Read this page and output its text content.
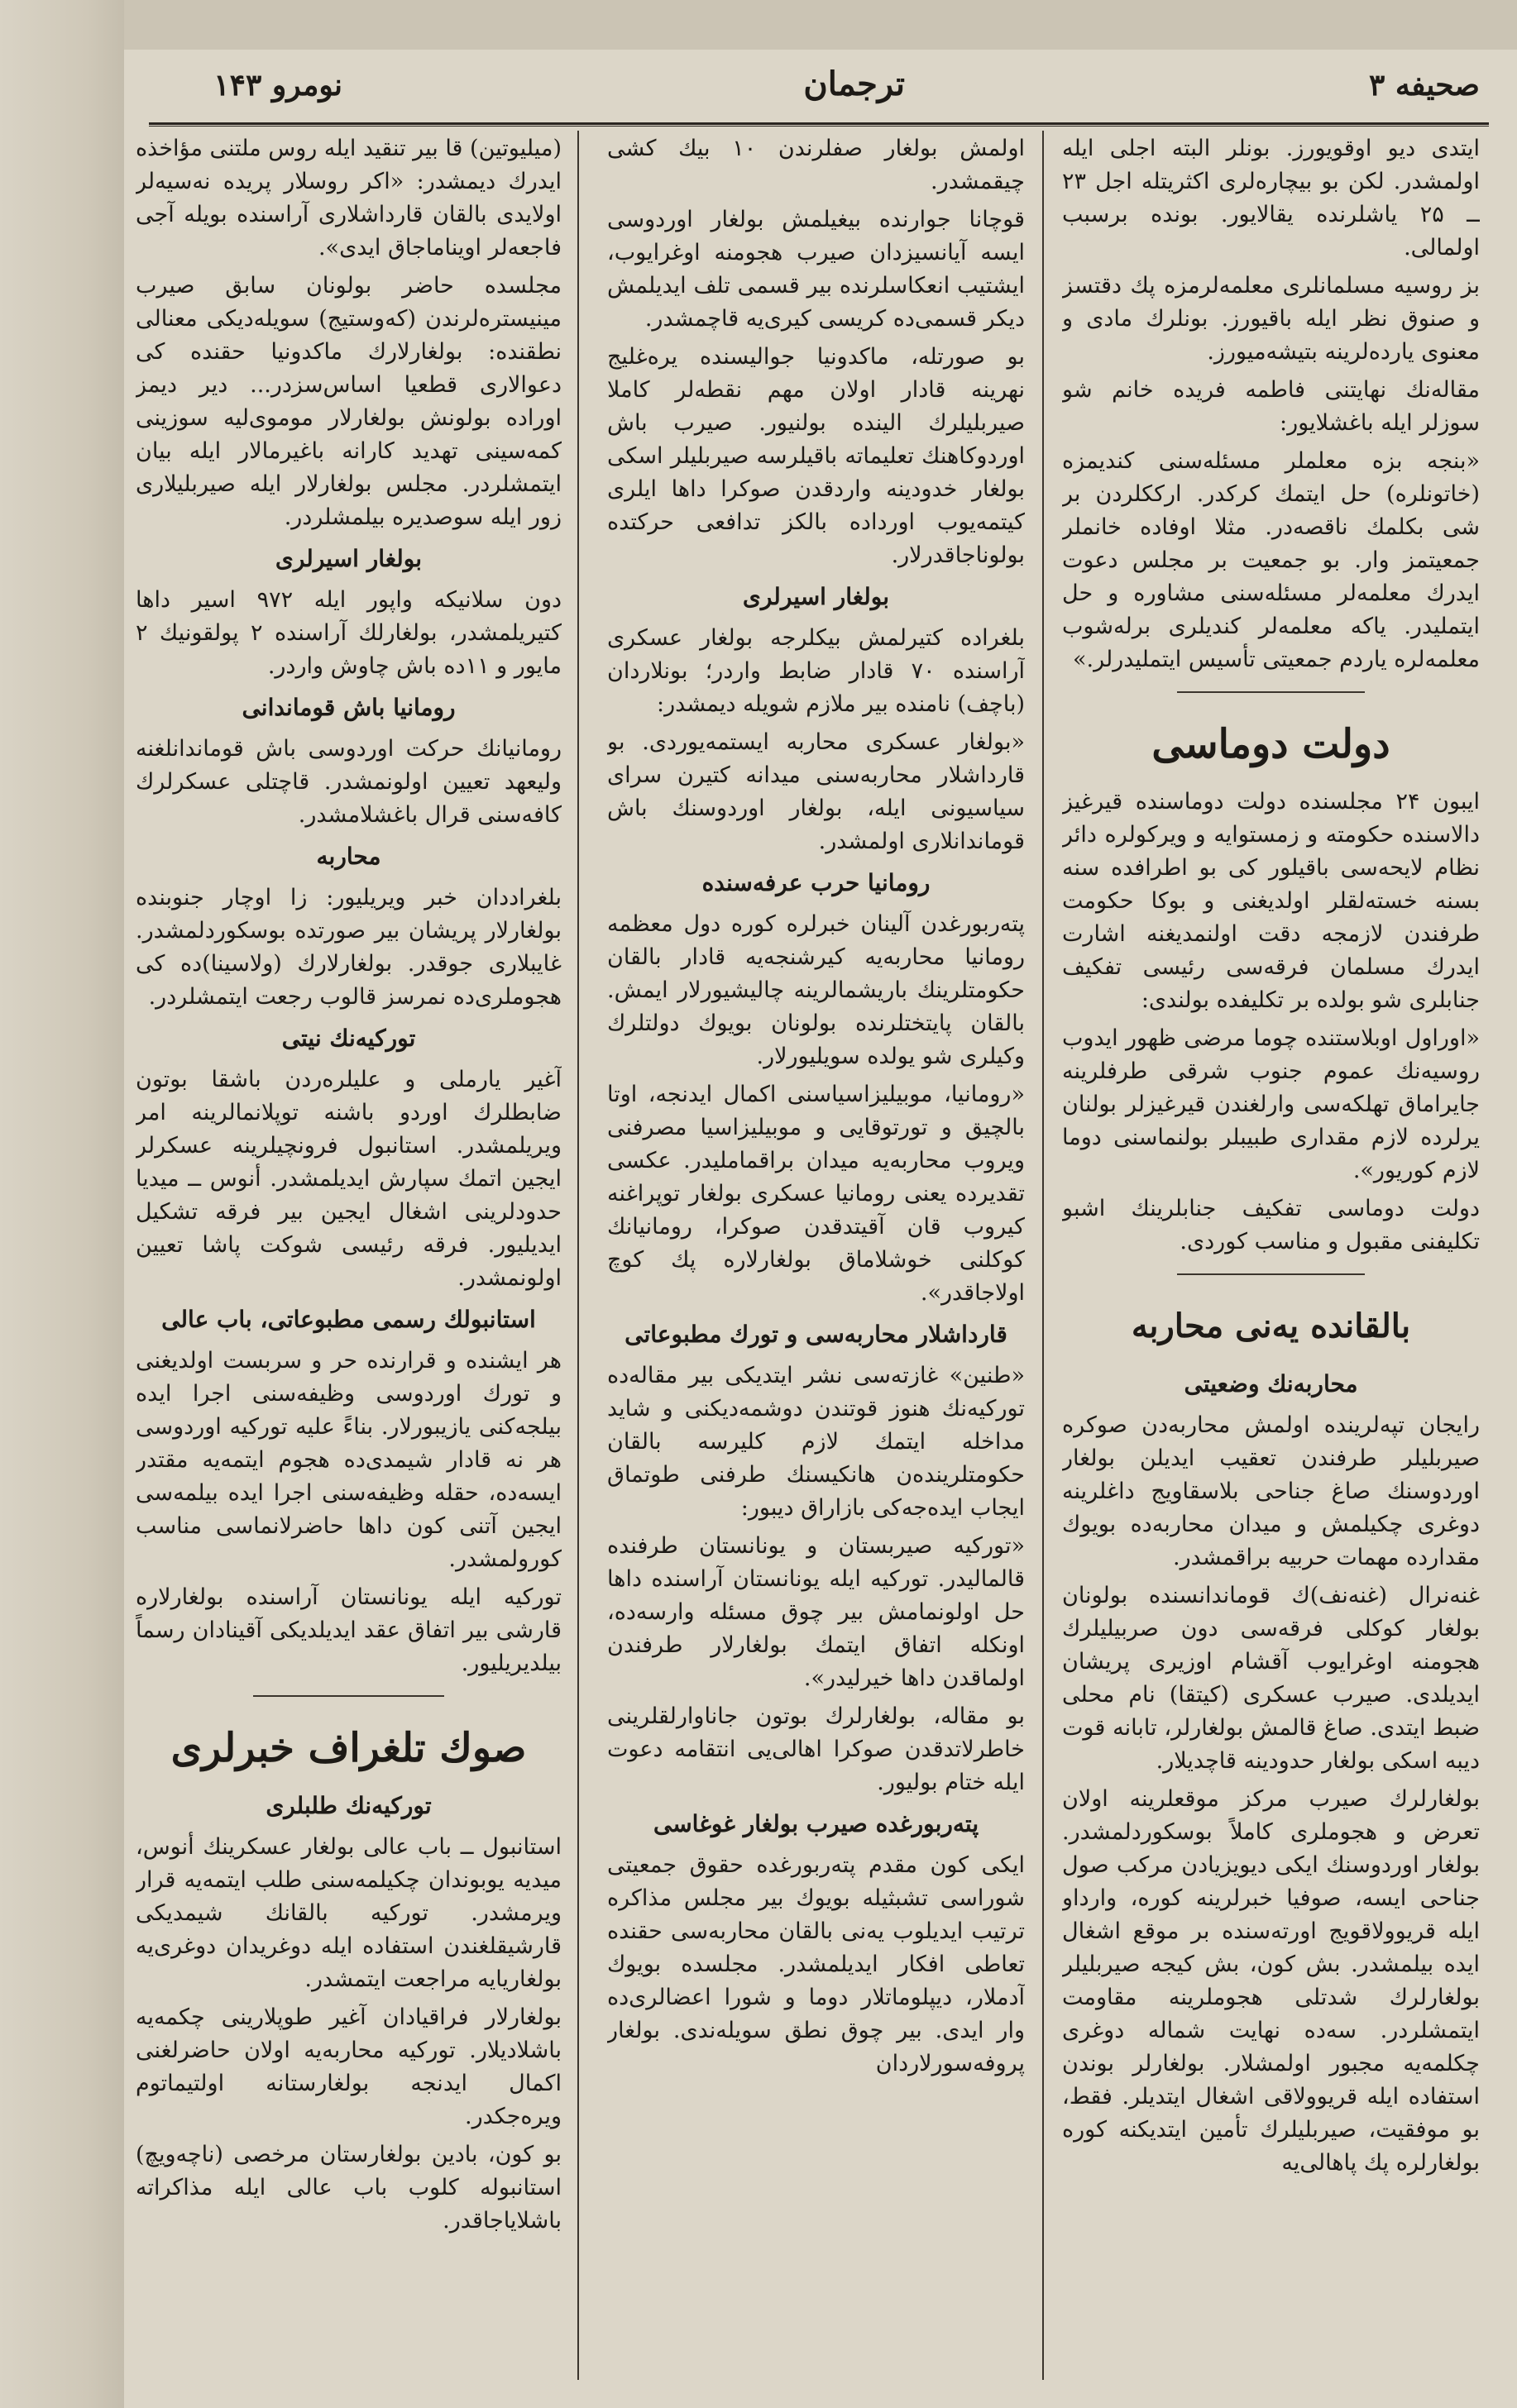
صحیفه ۳
ترجمان
نومرو ۱۴۳
ایتدی دیو اوقویورز. بونلر البته اجلی ایله اولمشدر. لکن بو بیچاره‌لری اکثریتله اجل ۲۳ ــ ۲۵ یاشلرنده یقالایور. بونده برسبب اولمالی.
بز روسیه مسلمانلری معلمه‌لرمزه پك دقتسز و صنوق نظر ایله باقیورز. بونلرك مادی و معنوی یارده‌لرینه بتیشه‌میورز.
مقاله‌نك نهایتنی فاطمه فریده خانم شو سوزلر ایله باغشلایور:
«بنجه بزه معلملر مسئله‌سنی کندیمزه (خاتونلره) حل ایتمك کرکدر. ارککلردن بر شی بکلمك ناقصه‌در. مثلا اوفاده خانملر جمعیتمز وار. بو جمعیت بر مجلس دعوت ایدرك معلمه‌لر مسئله‌سنی مشاوره و حل ایتملیدر. یاکه معلمه‌لر کندیلری برله‌شوب معلمه‌لره یاردم جمعیتی تأسیس ایتملیدرلر.»
دولت دوماسی
ایبون ۲۴ مجلسنده دولت دوماسنده قیرغیز دالاسنده حکومته و زمستوایه و ویرکولره دائر نظام لایحه‌سی باقیلور کی بو اطرافده سنه بسنه خسته‌لقلر اولدیغنی و بوکا حکومت طرفندن لازمجه دقت اولنمدیغنه اشارت ایدرك مسلمان فرقه‌سی رئیسی تفکیف جنابلری شو بولده بر تکلیفده بولندی:
«اوراول اوبلاستنده چوما مرضی ظهور ایدوب روسیه‌نك عموم جنوب شرقی طرفلرینه جایراماق تهلکه‌سی وارلغندن قیرغیزلر بولنان یرلرده لازم مقداری طبیبلر بولنماسنی دوما لازم کوریور».
دولت دوماسی تفکیف جنابلرینك اشبو تکلیفنی مقبول و مناسب کوردی.
بالقانده یه‌نی محاربه
محاربه‌نك وضعیتی
رایجان تپه‌لرینده اولمش محاربه‌دن صوکره صیربلیلر طرفندن تعقیب ایدیلن بولغار اوردوسنك صاغ جناحی بلاسقاویج داغلرینه دوغری چکیلمش و میدان محاربه‌ده بویوك مقدارده مهمات حربیه براقمشدر.
غنه‌نرال (غنه‌نف)ك قوماندانسنده بولونان بولغار کوکلی فرقه‌سی دون صربیلیلرك هجومنه اوغرایوب آقشام اوزیری پریشان ایدیلدی. صیرب عسکری (کیتقا) نام محلی ضبط ایتدی. صاغ قالمش بولغارلر، تابانه قوت دیبه اسکی بولغار حدودینه قاچدیلار.
بولغارلرك صیرب مرکز موقعلرینه اولان تعرض و هجوملری کاملاً بوسکوردلمشدر. بولغار اوردوسنك ایکی دیویزیادن مرکب صول جناحی ایسه، صوفیا خبرلرینه کوره، وارداو ایله قریوولاقویج اورته‌سنده بر موقع اشغال ایده بیلمشدر. بش کون، بش کیجه صیربلیلر بولغارلرك شدتلی هجوملرینه مقاومت ایتمشلردر. سه‌ده نهایت شماله دوغری چکلمه‌یه مجبور اولمشلار. بولغارلر بوندن استفاده ایله قریوولاقی اشغال ایتدیلر. فقط، بو موفقیت، صیربلیلرك تأمین ایتدیکنه کوره بولغارلره پك پاهالی‌یه
اولمش بولغار صفلرندن ۱۰ بیك کشی چیقمشدر.
قوچانا جوارنده بیغیلمش بولغار اوردوسی ایسه آیانسیزدان صیرب هجومنه اوغرایوب، ایشتیب انعکاسلرنده بیر قسمی تلف ایدیلمش دیکر قسمی‌ده کریسی کیری‌یه قاچمشدر.
بو صورتله، ماکدونیا جوالیسنده یره‌غلیج نهرینه قادار اولان مهم نقطه‌لر کاملا صیربلیلرك الینده بولنیور. صیرب باش اوردوکاهنك تعلیماته باقیلرسه صیربلیلر اسکی بولغار خدودینه واردقدن صوکرا داها ایلری کیتمه‌یوب اورداده بالکز تدافعی حرکتده بولوناجاقدرلار.
بولغار اسیرلری
بلغراده کتیرلمش بیکلرجه بولغار عسکری آراسنده ۷۰ قادار ضابط واردر؛ بونلاردان (باچف) نامنده بیر ملازم شویله دیمشدر:
«بولغار عسکری محاربه ایستمه‌یوردی. بو قارداشلار محاربه‌سنی میدانه کتیرن سرای سیاسیونی ایله، بولغار اوردوسنك باش قوماندانلاری اولمشدر.
رومانیا حرب عرفه‌سنده
پته‌ربورغدن آلینان خبرلره کوره دول معظمه رومانیا محاربه‌یه کیرشنجه‌یه قادار بالقان حکومتلرینك باریشمالرینه چالیشیورلار ایمش. بالقان پایتختلرنده بولونان بویوك دولتلرك وکیلری شو یولده سویلیورلار.
«رومانیا، موبیلیزاسیاسنی اکمال ایدنجه، اوتا بالچیق و تورتوقایی و موبیلیزاسیا مصرفنی ویروب محاربه‌یه میدان براقماملیدر. عکسی تقدیرده یعنی رومانیا عسکری بولغار توپراغنه کیروب قان آقیتدقدن صوکرا، رومانیانك کوکلنی خوشلاماق بولغارلاره پك کوچ اولاجاقدر».
قارداشلار محاربه‌سی و تورك مطبوعاتی
«طنین» غازته‌سی نشر ایتدیکی بیر مقاله‌ده تورکیه‌نك هنوز قوتندن دوشمه‌دیکنی و شاید مداخله ایتمك لازم کلیرسه بالقان حکومتلرینده‌ن هانکیسنك طرفنی طوتماق ایجاب ایده‌جه‌کی بازاراق دیبور:
«تورکیه صیربستان و یونانستان طرفنده قالمالیدر. تورکیه ایله یونانستان آراسنده داها حل اولونمامش بیر چوق مسئله وارسه‌ده، اونکله اتفاق ایتمك بولغارلار طرفندن اولماقدن داها خیرلیدر».
بو مقاله، بولغارلرك بوتون جاناوارلقلرینی خاطرلاتدقدن صوکرا اهالی‌یی انتقامه دعوت ایله ختام بولیور.
پته‌ربورغده صیرب بولغار غوغاسی
ایکی کون مقدم پته‌ربورغده حقوق جمعیتی شوراسی تشبثیله بویوك بیر مجلس مذاکره ترتیب ایدیلوب یه‌نی بالقان محاربه‌سی حقنده تعاطی افکار ایدیلمشدر. مجلسده بویوك آدملار، دیپلوماتلار دوما و شورا اعضالری‌ده وار ایدی. بیر چوق نطق سویله‌ندی. بولغار پروفه‌سورلاردان
(میلیوتین) قا بیر تنقید ایله روس ملتنی مؤاخذه ایدرك دیمشدر: «اکر روسلار پریده نه‌سیه‌لر اولایدی بالقان قارداشلاری آراسنده بویله آجی فاجعه‌لر اویناماجاق ایدی».
مجلسده حاضر بولونان سابق صیرب مینیستره‌لرندن (که‌وستیج) سویله‌دیکی معنالی نطقنده: بولغارلارك ماکدونیا حقنده کی دعوالاری قطعیا اساس‌سزدر... دیر دیمز اوراده بولونش بولغارلار موموی‌لیه سوزینی کمه‌سینی تهدید کارانه باغیرمالار ایله بیان ایتمشلردر. مجلس بولغارلار ایله صیربلیلاری زور ایله سوصدیره بیلمشلردر.
بولغار اسیرلری
دون سلانیکه واپور ایله ۹۷۲ اسیر داها کتیریلمشدر، بولغارلك آراسنده ۲ پولقونیك ۲ مایور و ۱۱ده باش چاوش واردر.
رومانیا باش قوماندانی
رومانیانك حرکت اوردوسی باش قوماندانلغنه ولیعهد تعیین اولونمشدر. قاچتلی عسکرلرك کافه‌سنی قرال باغشلامشدر.
محاربه
بلغراددان خبر ویریلیور: زا اوچار جنوبنده بولغارلار پریشان بیر صورتده بوسکوردلمشدر. غایبلاری جوقدر. بولغارلارك (ولاسینا)ده کی هجوملری‌ده نمرسز قالوب رجعت ایتمشلردر.
تورکیه‌نك نیتی
آغیر یارملی و علیلره‌ردن باشقا بوتون ضابطلرك اوردو باشنه توپلانمالرینه امر ویریلمشدر. استانبول فرونچیلرینه عسکرلر ایجین اتمك سپارش ایدیلمشدر. أنوس ــ میدیا حدودلرینی اشغال ایجین بیر فرقه تشکیل ایدیلیور. فرقه رئیسی شوکت پاشا تعیین اولونمشدر.
استانبولك رسمی مطبوعاتی، باب عالی
هر ایشنده و قرارنده حر و سربست اولدیغنی و تورك اوردوسی وظیفه‌سنی اجرا ایده بیلجه‌کنی یازیبورلار. بناءً علیه تورکیه اوردوسی هر نه قادار شیمدی‌ده هجوم ایتمه‌یه مقتدر ایسه‌ده، حقله وظیفه‌سنی اجرا ایده بیلمه‌سی ایجین آتنی کون داها حاضرلانماسی مناسب کورولمشدر.
تورکیه ایله یونانستان آراسنده بولغارلاره قارشی بیر اتفاق عقد ایدیلدیکی آقینادان رسماً بیلدیریلیور.
صوك تلغراف خبرلری
تورکیه‌نك طلبلری
استانبول ــ باب عالی بولغار عسکرینك أنوس، میدیه یوبوندان چکیلمه‌سنی طلب ایتمه‌یه قرار ویرمشدر. تورکیه بالقانك شیمدیکی قارشیقلغندن استفاده ایله دوغریدان دوغری‌یه بولغاریایه مراجعت ایتمشدر.
بولغارلار فراقیادان آغیر طوپلارینی چکمه‌یه باشلادیلار. تورکیه محاربه‌یه اولان حاضرلغنی اکمال ایدنجه بولغارستانه اولتیماتوم ویره‌جکدر.
بو کون، بادین بولغارستان مرخصی (ناچه‌ویچ) استانبوله کلوب باب عالی ایله مذاکراته باشلایاجاقدر.
